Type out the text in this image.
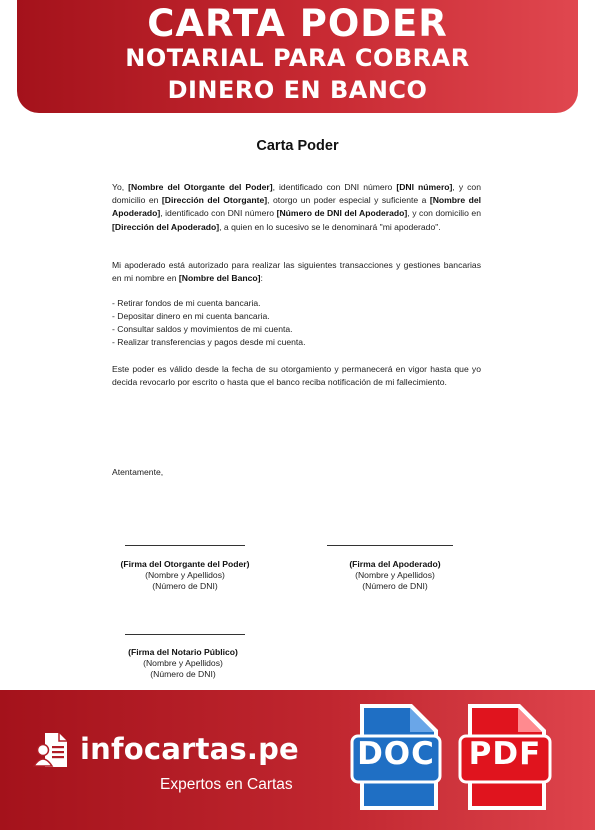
CARTA PODER
NOTARIAL PARA COBRAR
DINERO EN BANCO
Carta Poder
Yo, [Nombre del Otorgante del Poder], identificado con DNI número [DNI número], y con domicilio en [Dirección del Otorgante], otorgo un poder especial y suficiente a [Nombre del Apoderado], identificado con DNI número [Número de DNI del Apoderado], y con domicilio en [Dirección del Apoderado], a quien en lo sucesivo se le denominará "mi apoderado".
Mi apoderado está autorizado para realizar las siguientes transacciones y gestiones bancarias en mi nombre en [Nombre del Banco]:
- Retirar fondos de mi cuenta bancaria.
- Depositar dinero en mi cuenta bancaria.
- Consultar saldos y movimientos de mi cuenta.
- Realizar transferencias y pagos desde mi cuenta.
Este poder es válido desde la fecha de su otorgamiento y permanecerá en vigor hasta que yo decida revocarlo por escrito o hasta que el banco reciba notificación de mi fallecimiento.
Atentamente,
(Firma del Otorgante del Poder)
(Nombre y Apellidos)
(Número de DNI)
(Firma del Apoderado)
(Nombre y Apellidos)
(Número de DNI)
(Firma del Notario Público)
(Nombre y Apellidos)
(Número de DNI)
infocartas.pe
Expertos en Cartas
DOC	PDF
